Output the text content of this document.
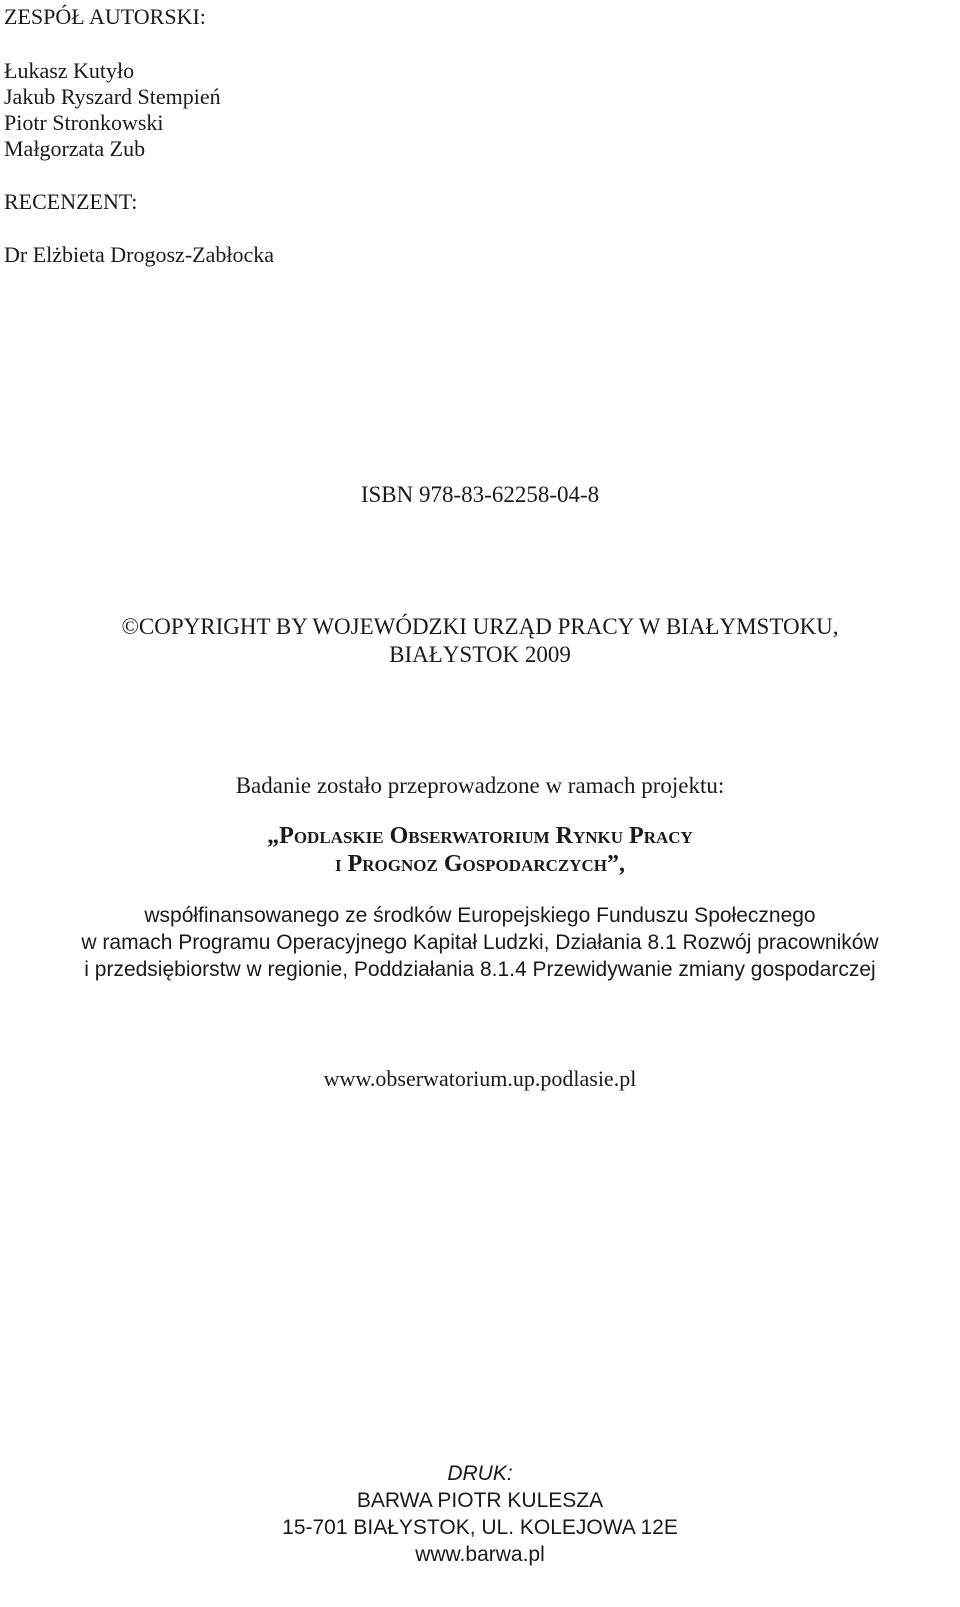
ZESPÓŁ AUTORSKI:
Łukasz Kutyło
Jakub Ryszard Stempień
Piotr Stronkowski
Małgorzata Zub
RECENZENT:
Dr Elżbieta Drogosz-Zabłocka
ISBN 978-83-62258-04-8
©COPYRIGHT BY WOJEWÓDZKI URZĄD PRACY W BIAŁYMSTOKU,
BIAŁYSTOK 2009
Badanie zostało przeprowadzone w ramach projektu:
„Podlaskie Obserwatorium Rynku Pracy
i Prognoz Gospodarczych”,
współfinansowanego ze środków Europejskiego Funduszu Społecznego
w ramach Programu Operacyjnego Kapitał Ludzki, Działania 8.1 Rozwój pracowników
i przedsiębiorstw w regionie, Poddziałania 8.1.4 Przewidywanie zmiany gospodarczej
www.obserwatorium.up.podlasie.pl
DRUK:
BARWA PIOTR KULESZA
15-701 BIAŁYSTOK, UL. KOLEJOWA 12E
www.barwa.pl
